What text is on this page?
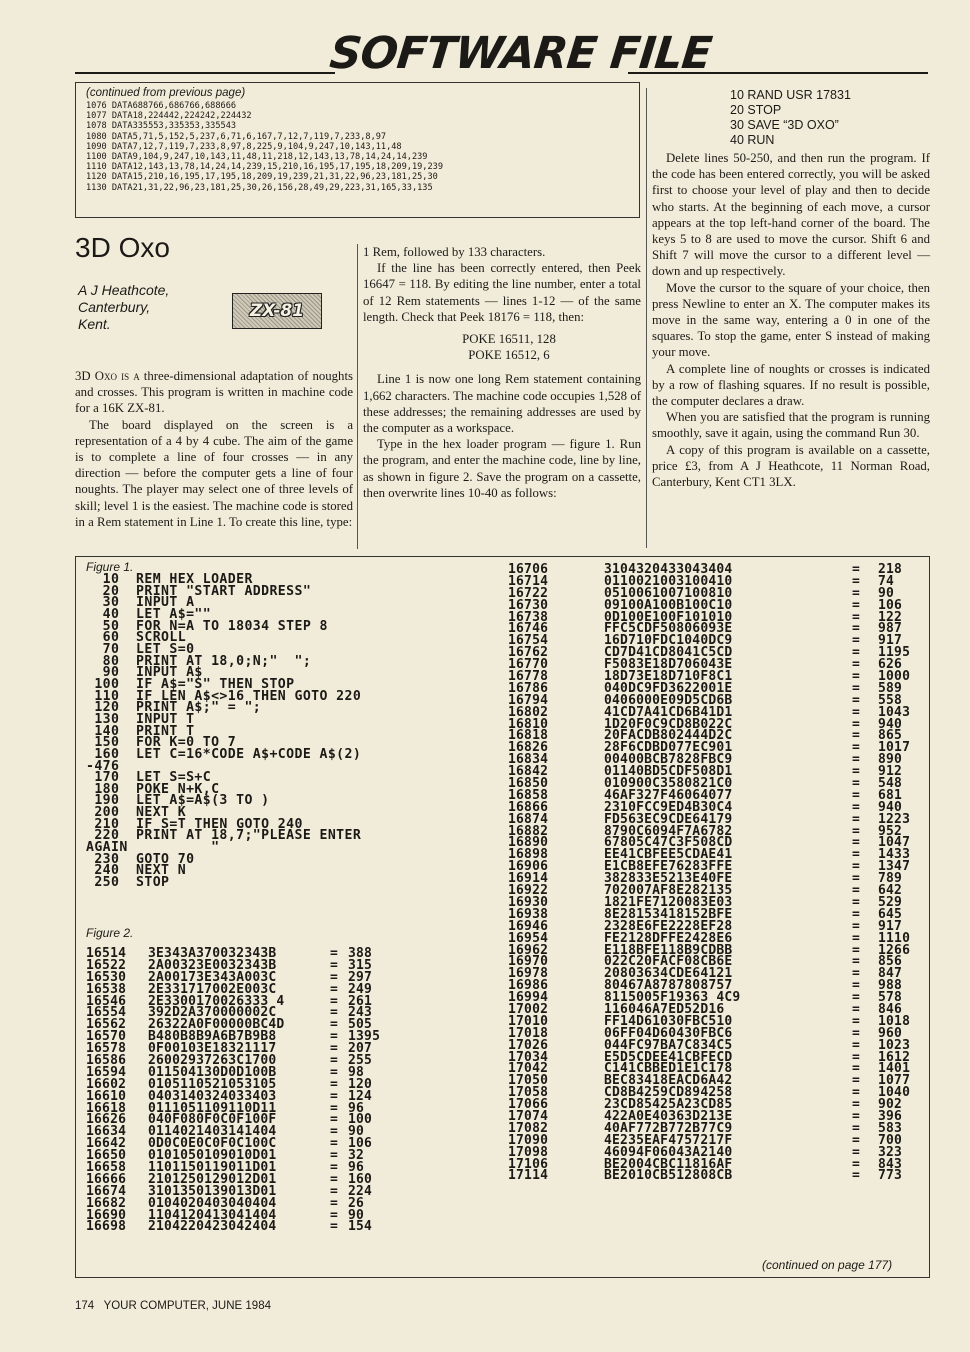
SOFTWARE FILE
(continued from previous page)
1076 DATA688766,686766,688666
1077 DATA18,224442,224242,224432
1078 DATA335553,335353,335543
1080 DATA5,71,5,152,5,237,6,71,6,167,7,12,7,119,7,233,8,97
1090 DATA7,12,7,119,7,233,8,97,8,225,9,104,9,247,10,143,11,48
1100 DATA9,104,9,247,10,143,11,48,11,218,12,143,13,78,14,24,14,239
1110 DATA12,143,13,78,14,24,14,239,15,210,16,195,17,195,18,209,19,239
1120 DATA15,210,16,195,17,195,18,209,19,239,21,31,22,96,23,181,25,30
1130 DATA21,31,22,96,23,181,25,30,26,156,28,49,29,223,31,165,33,135
3D Oxo
A J Heathcote,
Canterbury,
Kent.
ZX-81

3D Oxo is a three-dimensional adaptation of noughts and crosses. This program is written in machine code for a 16K ZX-81.

The board displayed on the screen is a representation of a 4 by 4 cube. The aim of the game is to complete a line of four crosses — in any direction — before the computer gets a line of four noughts. The player may select one of three levels of skill; level 1 is the easiest. The machine code is stored in a Rem statement in Line 1. To create this line, type:

1 Rem, followed by 133 characters.

If the line has been correctly entered, then Peek 16647 = 118. By editing the line number, enter a total of 12 Rem statements — lines 1-12 — of the same length. Check that Peek 18176 = 118, then:

POKE 16511, 128

POKE 16512, 6

Line 1 is now one long Rem statement containing 1,662 characters. The machine code occupies 1,528 of these addresses; the remaining addresses are used by the computer as a workspace.

Type in the hex loader program — figure 1. Run the program, and enter the machine code, line by line, as shown in figure 2. Save the program on a cassette, then overwrite lines 10-40 as follows:

10 RAND USR 17831
20 STOP
30 SAVE “3D OXO”
40 RUN

Delete lines 50-250, and then run the program. If the code has been entered correctly, you will be asked first to choose your level of play and then to decide who starts. At the beginning of each move, a cursor appears at the top left-hand corner of the board. The keys 5 to 8 are used to move the cursor. Shift 6 and Shift 7 will move the cursor to a different level — down and up respectively.

Move the cursor to the square of your choice, then press Newline to enter an X. The computer makes its move in the same way, entering a 0 in one of the squares. To stop the game, enter S instead of making your move.

A complete line of noughts or crosses is indicated by a row of flashing squares. If no result is possible, the computer declares a draw.

When you are satisfied that the program is running smoothly, save it again, using the command Run 30.

A copy of this program is available on a cassette, price £3, from A J Heathcote, 11 Norman Road, Canterbury, Kent CT1 3LX.

Figure 1.
10  REM HEX LOADER
20  PRINT "START ADDRESS"
30  INPUT A
40  LET A$=""
50  FOR N=A TO 18034 STEP 8
60  SCROLL
70  LET S=0
80  PRINT AT 18,0;N;"  ";
90  INPUT A$
100  IF A$="S" THEN STOP
110  IF LEN A$<>16 THEN GOTO 220
120  PRINT A$;" = ";
130  INPUT T
140  PRINT T
150  FOR K=0 TO 7
160  LET C=16*CODE A$+CODE A$(2)
-476
170  LET S=S+C
180  POKE N+K,C
190  LET A$=A$(3 TO )
200  NEXT K
210  IF S=T THEN GOTO 240
220  PRINT AT 18,7;"PLEASE ENTER
AGAIN          "
230  GOTO 70
240  NEXT N
250  STOP
Figure 2.
16514 3E343A370032343B	= 388
16522 2A00323E0032343B	= 315
16530 2A00173E343A003C	= 297
16538 2E331717002E003C	= 249
16546 2E3300170026333 4	= 261
16554 392D2A370000002C	= 243
16562 26322A0F00000BC4D	= 505
16570 B480B8B9A6B7B9B8	= 1395
16578 0F00103E18321117	= 207
16586 26002937263C1700	= 255
16594 011504130D0D100B	= 98
16602 0105110521053105	= 120
16610 0403140324033403	= 124
16618 0111051109110D11	= 96
16626 040F080F0C0F100F	= 100
16634 0114021403141404	= 90
16642 0D0C0E0C0F0C100C	= 106
16650 0101050109010D01	= 32
16658 1101150119011D01	= 96
16666 2101250129012D01	= 160
16674 3101350139013D01	= 224
16682 0104020403040404	= 26
16690 1104120413041404	= 90
16698 2104220423042404	= 154
16706	3104320433043404	= 218
16714	0110021003100410	= 74
16722	0510061007100810	= 90
16730	09100A100B100C10	= 106
16738	0D100E100F101010	= 122
16746	FFC5CDF50806093E	= 987
16754	16D710FDC1040DC9	= 917
16762	CD7D41CD8041C5CD	= 1195
16770	F5083E18D706043E	= 626
16778	18D73E18D710F8C1	= 1000
16786	040DC9FD3622001E	= 589
16794	0406000E09D5CD6B	= 558
16802	41CD7A41CD6B41D1	= 1043
16810	1D20F0C9CD8B022C	= 940
16818	20FACDB802444D2C	= 865
16826	28F6CDBD077EC901	= 1017
16834	00400BCB7828FBC9	= 890
16842	01140BD5CDF508D1	= 912
16850	010900C3580821C0	= 548
16858	46AF327F46064077	= 681
16866	2310FCC9ED4B30C4	= 940
16874	FD563EC9CDE64179	= 1223
16882	8790C6094F7A6782	= 952
16890	67805C47C3F508CD	= 1047
16898	EE41CBFEE5CDAE41	= 1433
16906	E1CB8EFE76283FFE	= 1347
16914	382833E5213E40FE	= 789
16922	702007AF8E282135	= 642
16930	1821FE7120083E03	= 529
16938	8E28153418152BFE	= 645
16946	2328E6FE2228EF28	= 917
16954	FE2128DFFE2428E6	= 1110
16962	E118BFE118B9CDBB	= 1266
16970	022C20FACF08CB6E	= 856
16978	20803634CDE64121	= 847
16986	80467A8787808757	= 988
16994	8115005F19363 4C9	= 578
17002	116046A7ED52D16	= 846
17010	FF14D61030FBC510	= 1018
17018	06FF04D60430FBC6	= 960
17026	044FC97BA7C834C5	= 1023
17034	E5D5CDEE41CBFECD	= 1612
17042	C141CBBED1E1C178	= 1401
17050	BEC83418EACD6A42	= 1077
17058	CD8B4259CD894258	= 1040
17066	23CD85425A23CD85	= 902
17074	422A0E40363D213E	= 396
17082	40AF772B772B77C9	= 583
17090	4E235EAF4757217F	= 700
17098	46094F06043A2140	= 323
17106	BE2004CBC11816AF	= 843
17114	BE2010CB512808CB	= 773
(continued on page 177)
174   YOUR COMPUTER, JUNE 1984
